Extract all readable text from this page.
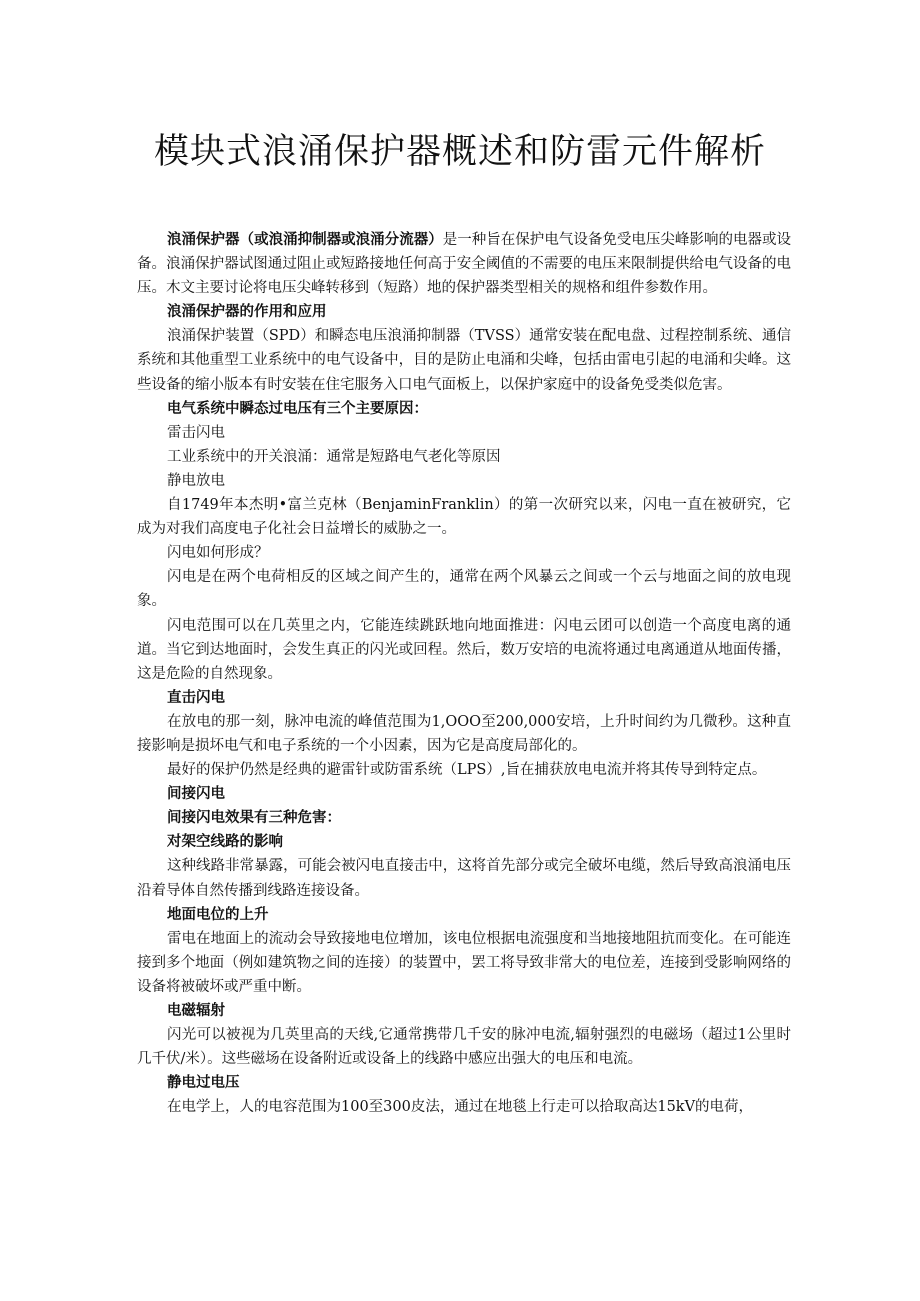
模块式浪涌保护器概述和防雷元件解析

浪涌保护器（或浪涌抑制器或浪涌分流器）是一种旨在保护电气设备免受电压尖峰影响的电器或设备。浪涌保护器试图通过阻止或短路接地任何高于安全阈值的不需要的电压来限制提供给电气设备的电压。木文主要讨论将电压尖峰转移到（短路）地的保护器类型相关的规格和组件参数作用。

浪涌保护器的作用和应用

浪涌保护装置（SPD）和瞬态电压浪涌抑制器（TVSS）通常安装在配电盘、过程控制系统、通信系统和其他重型工业系统中的电气设备中，目的是防止电涌和尖峰，包括由雷电引起的电涌和尖峰。这些设备的缩小版本有时安装在住宅服务入口电气面板上，以保护家庭中的设备免受类似危害。

电气系统中瞬态过电压有三个主要原因：

雷击闪电

工业系统中的开关浪涌：通常是短路电气老化等原因

静电放电

自1749年本杰明•富兰克林（BenjaminFranklin）的第一次研究以来，闪电一直在被研究，它成为对我们高度电子化社会日益增长的威胁之一。

闪电如何形成？

闪电是在两个电荷相反的区域之间产生的，通常在两个风暴云之间或一个云与地面之间的放电现象。

闪电范围可以在几英里之内，它能连续跳跃地向地面推进：闪电云团可以创造一个高度电离的通道。当它到达地面时，会发生真正的闪光或回程。然后，数万安培的电流将通过电离通道从地面传播，这是危险的自然现象。

直击闪电

在放电的那一刻，脉冲电流的峰值范围为1,OOO至200,000安培，上升时间约为几微秒。这种直接影响是损坏电气和电子系统的一个小因素，因为它是高度局部化的。

最好的保护仍然是经典的避雷针或防雷系统（LPS）,旨在捕获放电电流并将其传导到特定点。

间接闪电

间接闪电效果有三种危害：

对架空线路的影响

这种线路非常暴露，可能会被闪电直接击中，这将首先部分或完全破坏电缆，然后导致高浪涌电压沿着导体自然传播到线路连接设备。

地面电位的上升

雷电在地面上的流动会导致接地电位增加，该电位根据电流强度和当地接地阻抗而变化。在可能连接到多个地面（例如建筑物之间的连接）的装置中，罢工将导致非常大的电位差，连接到受影响网络的设备将被破坏或严重中断。

电磁辐射

闪光可以被视为几英里高的天线,它通常携带几千安的脉冲电流,辐射强烈的电磁场（超过1公里时几千伏/米）。这些磁场在设备附近或设备上的线路中感应出强大的电压和电流。

静电过电压

在电学上，人的电容范围为100至300皮法，通过在地毯上行走可以拾取高达15kV的电荷，
